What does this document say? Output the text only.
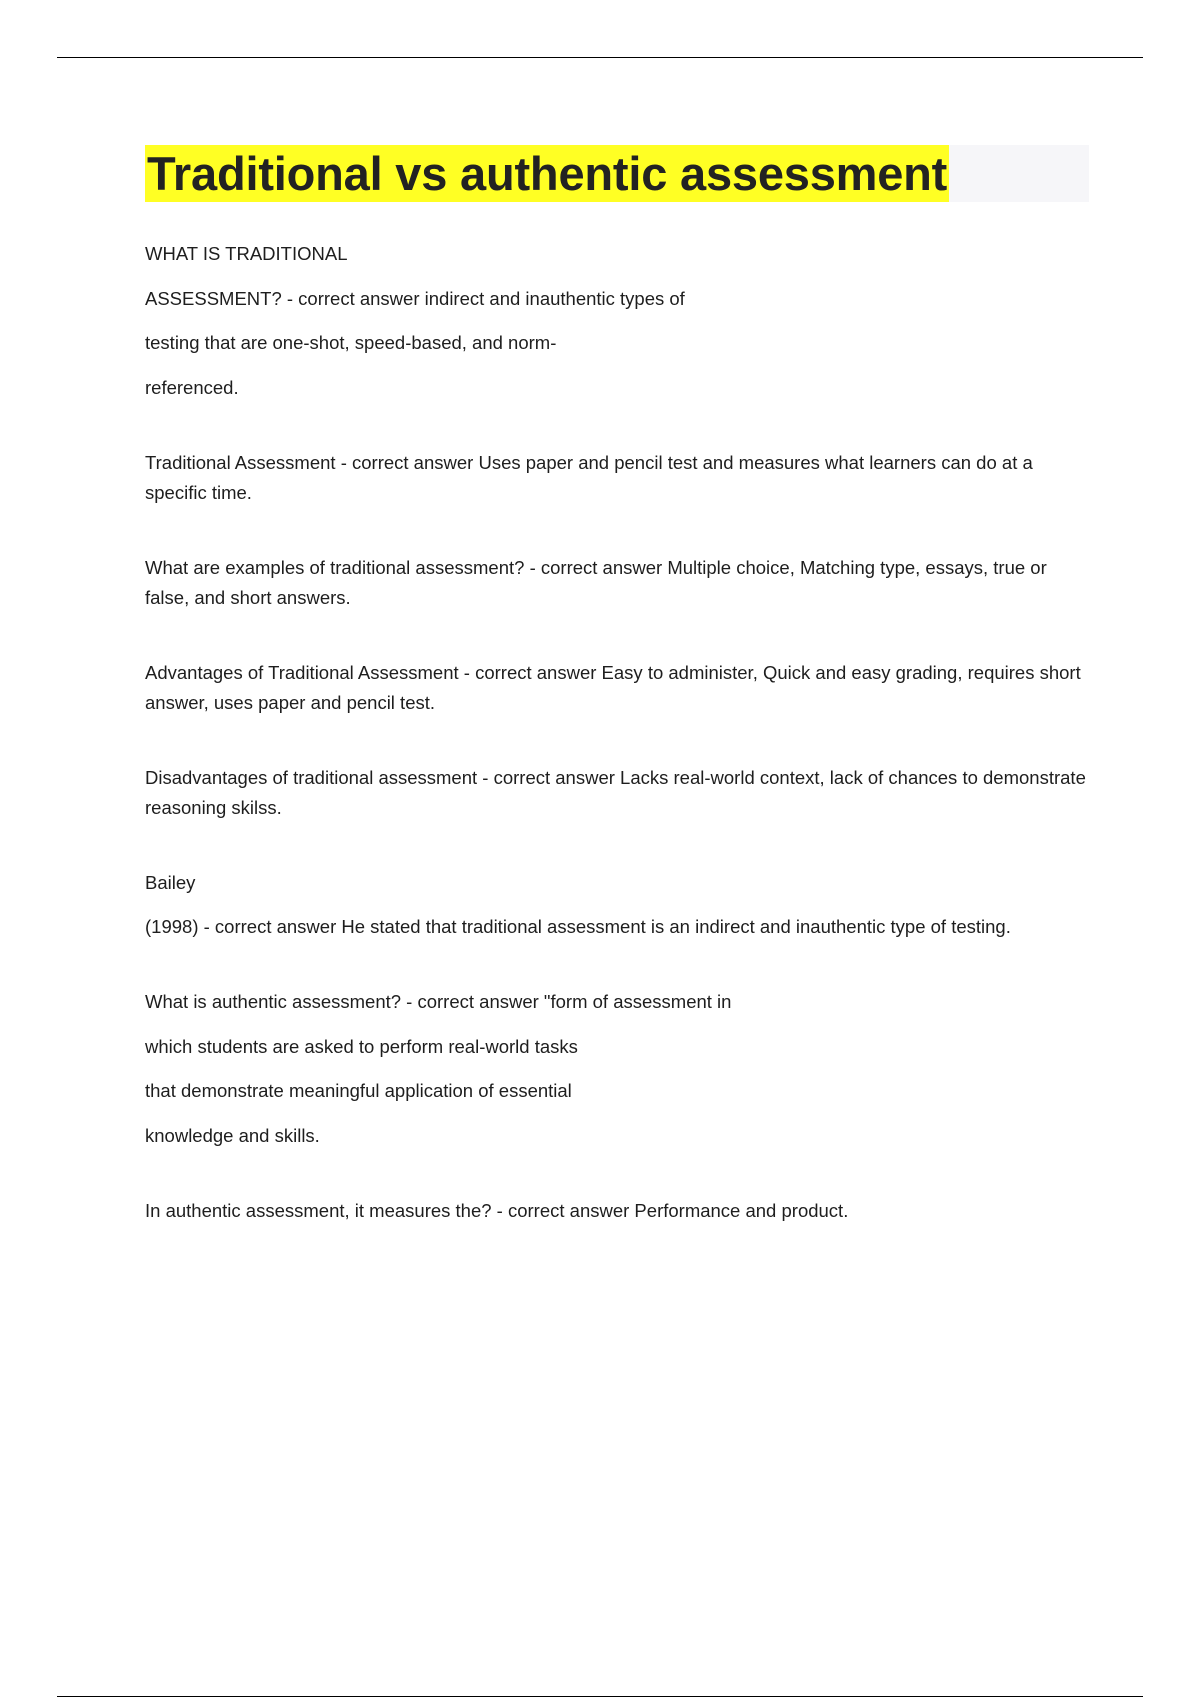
Traditional vs authentic assessment
WHAT IS TRADITIONAL
ASSESSMENT? - correct answer indirect and inauthentic types of
testing that are one-shot, speed-based, and norm-
referenced.

Traditional Assessment - correct answer Uses paper and pencil test and measures what learners can do at a specific time.

What are examples of traditional assessment? - correct answer Multiple choice, Matching type, essays, true or false, and short answers.

Advantages of Traditional Assessment - correct answer Easy to administer, Quick and easy grading, requires short answer, uses paper and pencil test.

Disadvantages of traditional assessment - correct answer Lacks real-world context, lack of chances to demonstrate reasoning skilss.

Bailey

(1998) - correct answer He stated that traditional assessment is an indirect and inauthentic type of testing.

What is authentic assessment? - correct answer "form of assessment in
which students are asked to perform real-world tasks
that demonstrate meaningful application of essential
knowledge and skills.

In authentic assessment, it measures the? - correct answer Performance and product.
